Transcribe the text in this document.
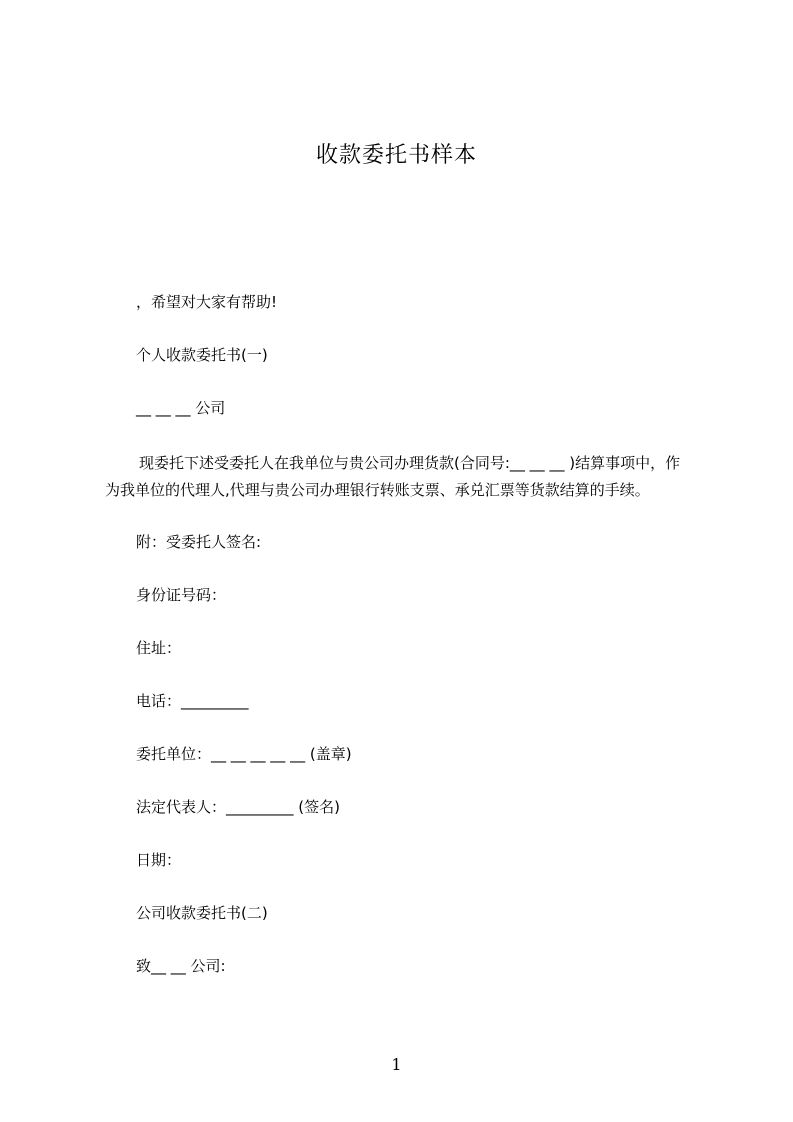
收款委托书样本
，希望对大家有帮助!
个人收款委托书(一)
__ __ __ 公司
现委托下述受委托人在我单位与贵公司办理货款(合同号:__ __ __ )结算事项中，作为我单位的代理人,代理与贵公司办理银行转账支票、承兑汇票等货款结算的手续。
附：受委托人签名:
身份证号码：
住址：
电话：_________
委托单位：__ __ __ __ __ (盖章)
法定代表人：_________ (签名)
日期：
公司收款委托书(二)
致__ __ 公司:
1
